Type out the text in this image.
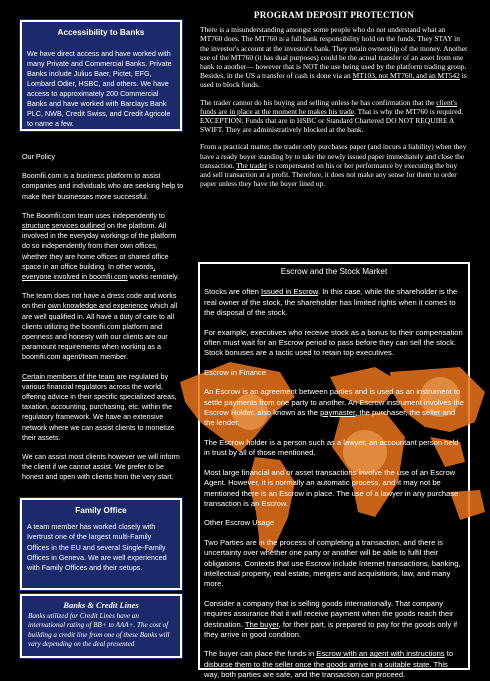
Accessibility to Banks

We have direct access and have worked with many Private and Commercial Banks. Private Banks include Julius Baer, Pictet, EFG, Lombard Odier, HSBC, and others. We have access to approximately 200 Commercial Banks and have worked with Barclays Bank PLC, NWB, Credit Swiss, and Credit Agricole to name a few.

Our Policy

Boomfii.com is a business platform to assist companies and individuals who are seeking help to make their businesses more successful.

The Boomfii.com team uses independently to structure services outlined on the platform. All involved in the everyday workings of the platform do so independently from their own offices, whether they are home offices or shared office space in an office building. In other words, everyone involved in boomfii.com works remotely.

The team does not have a dress code and works on their own knowledge and experience which all are well qualified in. All have a duty of care to all clients utilizing the boomfii.com platform and openness and honesty with our clients are our paramount requirements when working as a boomfii.com agent/team member.

Certain members of the team are regulated by various financial regulators across the world, offering advice in their specific specialized areas, taxation, accounting, purchasing, etc. within the regulatory framework. We have an extensive network where we can assist clients to monetize their assets.

We can assist most clients however we will inform the client if we cannot assist. We prefer to be honest and open with clients from the very start.

Family Office

A team member has worked closely with Ivertrust one of the largest multi-Family Offices in the EU and several Single-Family Offices in Geneva. We are well experienced with Family Offices and their setups.

Banks & Credit Lines

Banks utilized for Credit Lines have an international rating of BB+ to AAA+. The cost of building a credit line from one of these Banks will vary depending on the deal presented

PROGRAM DEPOSIT PROTECTION

There is a misunderstanding amongst some people who do not understand what an MT760 does. The MT760 is a full bank responsibility hold on the funds. They STAY in the investor's account at the investor's bank. They retain ownership of the money. Another use of the MT760 (it has dual purposes) could be the actual transfer of an asset from one bank to another— however that is NOT the use being used by the platform trading group. Besides, in the US a transfer of cash is done via an MT103, not MT760, and an MT542 is used to block funds.

The trader cannot do his buying and selling unless he has confirmation that the client's funds are in place at the moment he makes his trade. That is why the MT760 is required. EXCEPTION: Funds that are in HSBC or Standard Chartered DO NOT REQUIRE A SWIFT. They are administratively blocked at the bank.

From a practical matter, the trader only purchases paper (and incurs a liability) when they have a ready buyer standing by to take the newly issued paper immediately and close the transaction. The trader is compensated on his or her performance by executing the buy and sell transaction at a profit. Therefore, it does not make any sense for them to order paper unless they have the buyer lined up.

Escrow and the Stock Market

Stocks are often Issued in Escrow. In this case, while the shareholder is the real owner of the stock, the shareholder has limited rights when it comes to the disposal of the stock.

For example, executives who receive stock as a bonus to their compensation often must wait for an Escrow period to pass before they can sell the stock. Stock bonuses are a tactic used to retain top executives.

Escrow in Finance

An Escrow is an agreement between parties and is used as an instrument to settle payments from one party to another. An Escrow instrument involves the Escrow Holder, also known as the paymaster, the purchaser, the seller and the lender.

The Escrow holder is a person such as a lawyer, an accountant person held in trust by all of those mentioned.

Most large financial and or asset transactions involve the use of an Escrow Agent. However, it is normally an automatic process, and it may not be mentioned there is an Escrow in place. The use of a lawyer in any purchase transaction is an Escrow.

Other Escrow Usage

Two Parties are in the process of completing a transaction, and there is uncertainty over whether one party or another will be able to fulfil their obligations. Contexts that use Escrow include Internet transactions, banking, intellectual property, real estate, mergers and acquisitions, law, and many more.

Consider a company that is selling goods internationally. That company requires assurance that it will receive payment when the goods reach their destination. The buyer, for their part, is prepared to pay for the goods only if they arrive in good condition.

The buyer can place the funds in Escrow with an agent with instructions to disburse them to the seller once the goods arrive in a suitable state. This way, both parties are safe, and the transaction can proceed.
